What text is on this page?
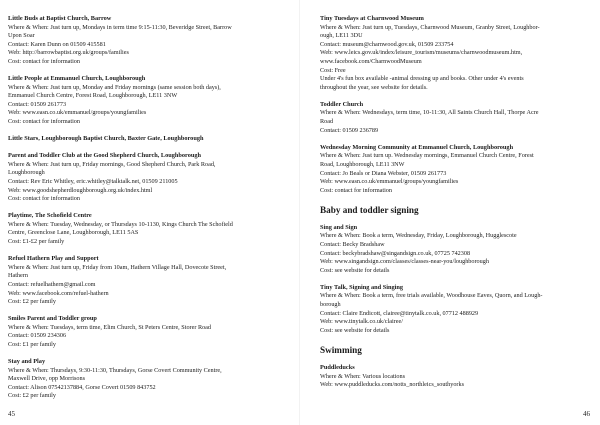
Little Buds at Baptist Church, Barrow
Where & When: Just turn up, Mondays in term time 9:15-11:30, Beveridge Street, Barrow
Upon Soar
Contact: Karen Dunn on 01509 415581
Web: http://barrowbaptist.org.uk/groups/families
Cost: contact for information
Little People at Emmanuel Church, Loughborough
Where & When: Just turn up, Monday and Friday mornings (same session both days),
Emmanuel Church Centre, Forest Road, Loughborough, LE11 3NW
Contact: 01509 261773
Web: www.easn.co.uk/emmanuel/groups/youngfamilies
Cost: contact for information
Little Stars, Loughborough Baptist Church, Baxter Gate, Loughborough
Parent and Toddler Club at the Good Shepherd Church, Loughborough
Where & When: Just turn up, Friday mornings, Good Shepherd Church, Park Road,
Loughborough
Contact: Rev Eric Whitley, eric.whitley@talktalk.net, 01509 211005
Web: www.goodshepherdloughborough.org.uk/index.html
Cost: contact for information
Playtime, The Schofield Centre
Where & When: Tuesday, Wednesday, or Thursdays 10-1130, Kings Church The Schofield
Centre, Greenclose Lane, Loughborough, LE11 5AS
Cost: £1-£2 per family
Refuel Hathern Play and Support
Where & When: Just turn up, Friday from 10am, Hathern Village Hall, Dovecote Street,
Hathern
Contact: refuelhathern@gmail.com
Web: www.facebook.com/refuel-hathern
Cost: £2 per family
Smiles Parent and Toddler group
Where & When: Tuesdays, term time, Elim Church, St Peters Centre, Storer Road
Contact: 01509 234306
Cost: £1 per family
Stay and Play
Where & When: Thursdays, 9:30-11:30, Thursdays, Gorse Covert Community Centre,
Maxwell Drive, opp Morrisons
Contact: Alison 07542137884, Gorse Covert 01509 843752
Cost: £2 per family
45
Tiny Tuesdays at Charnwood Museum
Where & When: Just turn up, Tuesdays, Charnwood Museum, Granby Street, Loughbor-
ough, LE11 3DU
Contact: museum@charnwood.gov.uk, 01509 233754
Web: www.leics.gov.uk/index/leisure_tourism/museums/charnwoodmuseum.htm,
www.facebook.com/CharnwoodMuseum
Cost: Free
Under 4's fun box available -animal dressing up and books. Other under 4's events
throughout the year, see website for details.
Toddler Church
Where & When: Wednesdays, term time, 10-11:30, All Saints Church Hall, Thorpe Acre
Road
Contact: 01509 236789
Wednesday Morning Community at Emmanuel Church, Loughborough
Where & When: Just turn up. Wednesday mornings, Emmanuel Church Centre, Forest
Road, Loughborough, LE11 3NW
Contact: Jo Beals or Diana Webster, 01509 261773
Web: www.easn.co.uk/emmanuel/groups/youngfamilies
Cost: contact for information
Baby and toddler signing
Sing and Sign
Where & When: Book a term, Wednesday, Friday, Loughborough, Hugglescote
Contact: Becky Bradshaw
Contact: beckybradshaw@singandsign.co.uk, 07725 742308
Web: www.singandsign.com/classes/classes-near-you/loughborough
Cost: see website for details
Tiny Talk, Signing and Singing
Where & When: Book a term, free trials available, Woodhouse Eaves, Quorn, and Lough-
borough
Contact: Claire Endicott, clairee@tinytalk.co.uk, 07712 488929
Web: www.tinytalk.co.uk/clairee/
Cost: see website for details
Swimming
Puddleducks
Where & When: Various locations
Web: www.puddleducks.com/notts_northleics_southyorks
46
